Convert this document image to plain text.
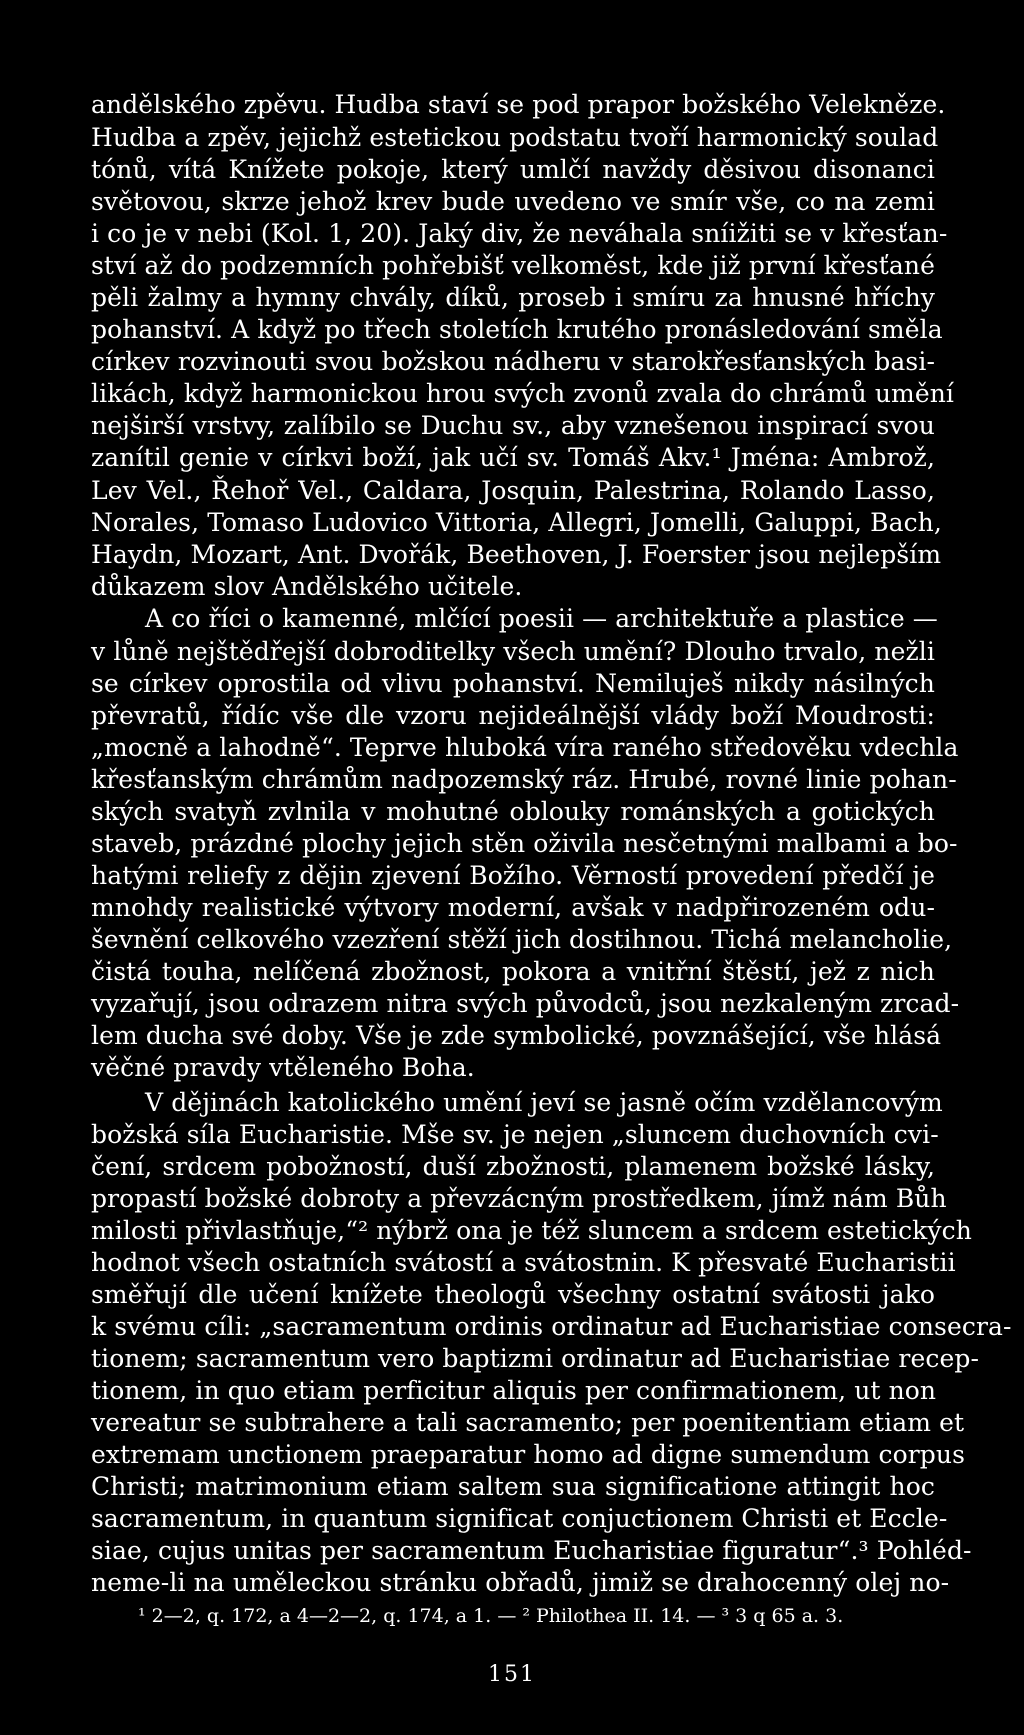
andělského zpěvu. Hudba staví se pod prapor božského Velekněze.
Hudba a zpěv, jejichž estetickou podstatu tvoří harmonický soulad
tónů, vítá Knížete pokoje, který umlčí navždy děsivou disonanci
světovou, skrze jehož krev bude uvedeno ve smír vše, co na zemi
i co je v nebi (Kol. 1, 20). Jaký div, že neváhala sníižiti se v křesťan-
ství až do podzemních pohřebišť velkoměst, kde již první křesťané
pěli žalmy a hymny chvály, díků, proseb i smíru za hnusné hříchy
pohanství. A když po třech stoletích krutého pronásledování směla
církev rozvinouti svou božskou nádheru v starokřesťanských basi-
likách, když harmonickou hrou svých zvonů zvala do chrámů umění
nejširší vrstvy, zalíbilo se Duchu sv., aby vznešenou inspirací svou
zanítil genie v církvi boží, jak učí sv. Tomáš Akv.¹ Jména: Ambrož,
Lev Vel., Řehoř Vel., Caldara, Josquin, Palestrina, Rolando Lasso,
Norales, Tomaso Ludovico Vittoria, Allegri, Jomelli, Galuppi, Bach,
Haydn, Mozart, Ant. Dvořák, Beethoven, J. Foerster jsou nejlepším
důkazem slov Andělského učitele.
A co říci o kamenné, mlčící poesii — architektuře a plastice —
v lůně nejštědřejší dobroditelky všech umění? Dlouho trvalo, nežli
se církev oprostila od vlivu pohanství. Nemiluješ nikdy násilných
převratů, řídíc vše dle vzoru nejideálnější vlády boží Moudrosti:
„mocně a lahodně“. Teprve hluboká víra raného středověku vdechla
křesťanským chrámům nadpozemský ráz. Hrubé, rovné linie pohan-
ských svatyň zvlnila v mohutné oblouky románských a gotických
staveb, prázdné plochy jejich stěn oživila nesčetnými malbami a bo-
hatými reliefy z dějin zjevení Božího. Věrností provedení předčí je
mnohdy realistické výtvory moderní, avšak v nadpřirozeném odu-
ševnění celkového vzezření stěží jich dostihnou. Tichá melancholie,
čistá touha, nelíčená zbožnost, pokora a vnitřní štěstí, jež z nich
vyzařují, jsou odrazem nitra svých původců, jsou nezkaleným zrcad-
lem ducha své doby. Vše je zde symbolické, povznášející, vše hlásá
věčné pravdy vtěleného Boha.
V dějinách katolického umění jeví se jasně očím vzdělancovým
božská síla Eucharistie. Mše sv. je nejen „sluncem duchovních cvi-
čení, srdcem pobožností, duší zbožnosti, plamenem božské lásky,
propastí božské dobroty a převzácným prostředkem, jímž nám Bůh
milosti přivlastňuje,“² nýbrž ona je též sluncem a srdcem estetických
hodnot všech ostatních svátostí a svátostnin. K přesvaté Eucharistii
směřují dle učení knížete theologů všechny ostatní svátosti jako
k svému cíli: „sacramentum ordinis ordinatur ad Eucharistiae consecra-
tionem; sacramentum vero baptizmi ordinatur ad Eucharistiae recep-
tionem, in quo etiam perficitur aliquis per confirmationem, ut non
vereatur se subtrahere a tali sacramento; per poenitentiam etiam et
extremam unctionem praeparatur homo ad digne sumendum corpus
Christi; matrimonium etiam saltem sua significatione attingit hoc
sacramentum, in quantum significat conjuctionem Christi et Eccle-
siae, cujus unitas per sacramentum Eucharistiae figuratur“.³ Pohléd-
neme-li na uměleckou stránku obřadů, jimiž se drahocenný olej no-
¹ 2—2, q. 172, a 4—2—2, q. 174, a 1. — ² Philothea II. 14. — ³ 3 q 65 a. 3.
151
